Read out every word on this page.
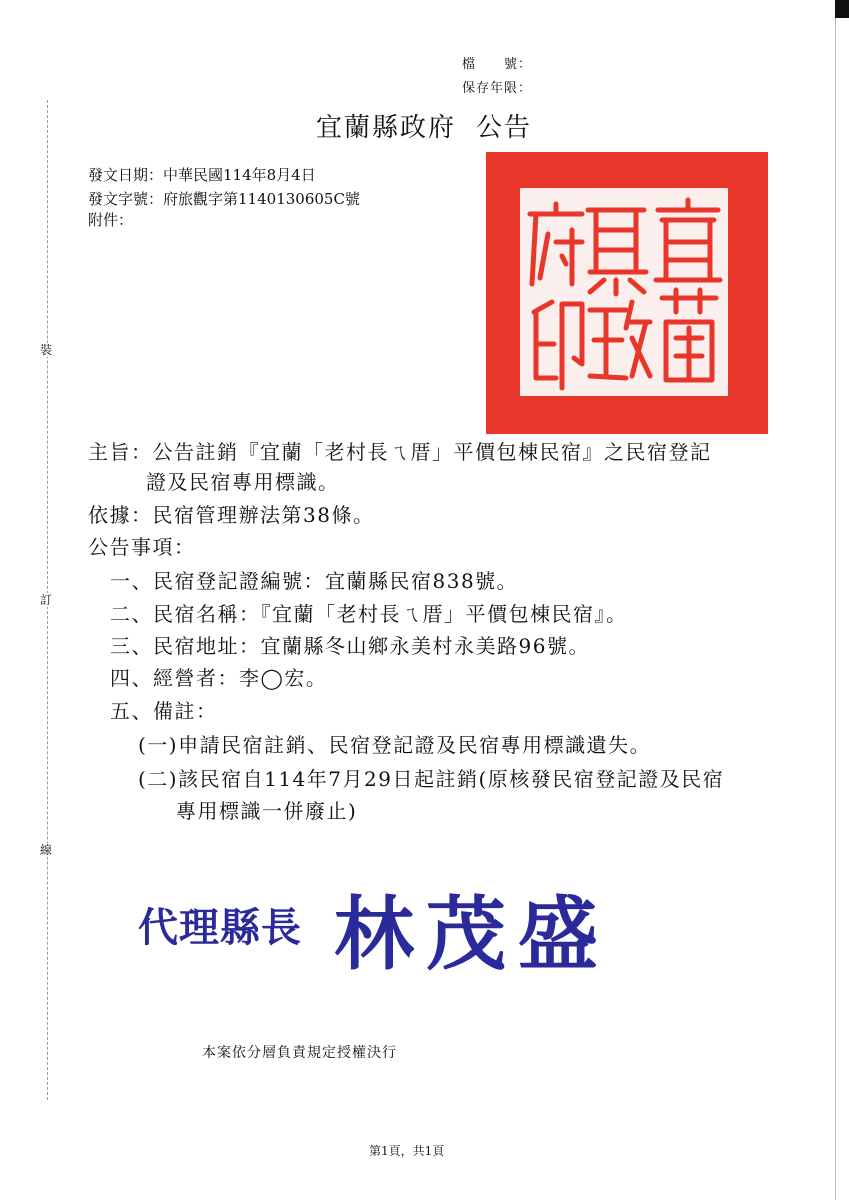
裝
訂
線
檔　　號：
保存年限：
宜蘭縣政府 公告
發文日期：中華民國114年8月4日
發文字號：府旅觀字第1140130605C號
附件：
主旨：公告註銷『宜蘭「老村長ㄟ厝」平價包棟民宿』之民宿登記
證及民宿專用標識。
依據：民宿管理辦法第38條。
公告事項：
一、民宿登記證編號：宜蘭縣民宿838號。
二、民宿名稱：『宜蘭「老村長ㄟ厝」平價包棟民宿』。
三、民宿地址：宜蘭縣冬山鄉永美村永美路96號。
四、經營者：李◯宏。
五、備註：
(一)申請民宿註銷、民宿登記證及民宿專用標識遺失。
(二)該民宿自114年7月29日起註銷(原核發民宿登記證及民宿
專用標識一併廢止)
代理縣長 林茂盛
本案依分層負責規定授權決行
第1頁，共1頁
